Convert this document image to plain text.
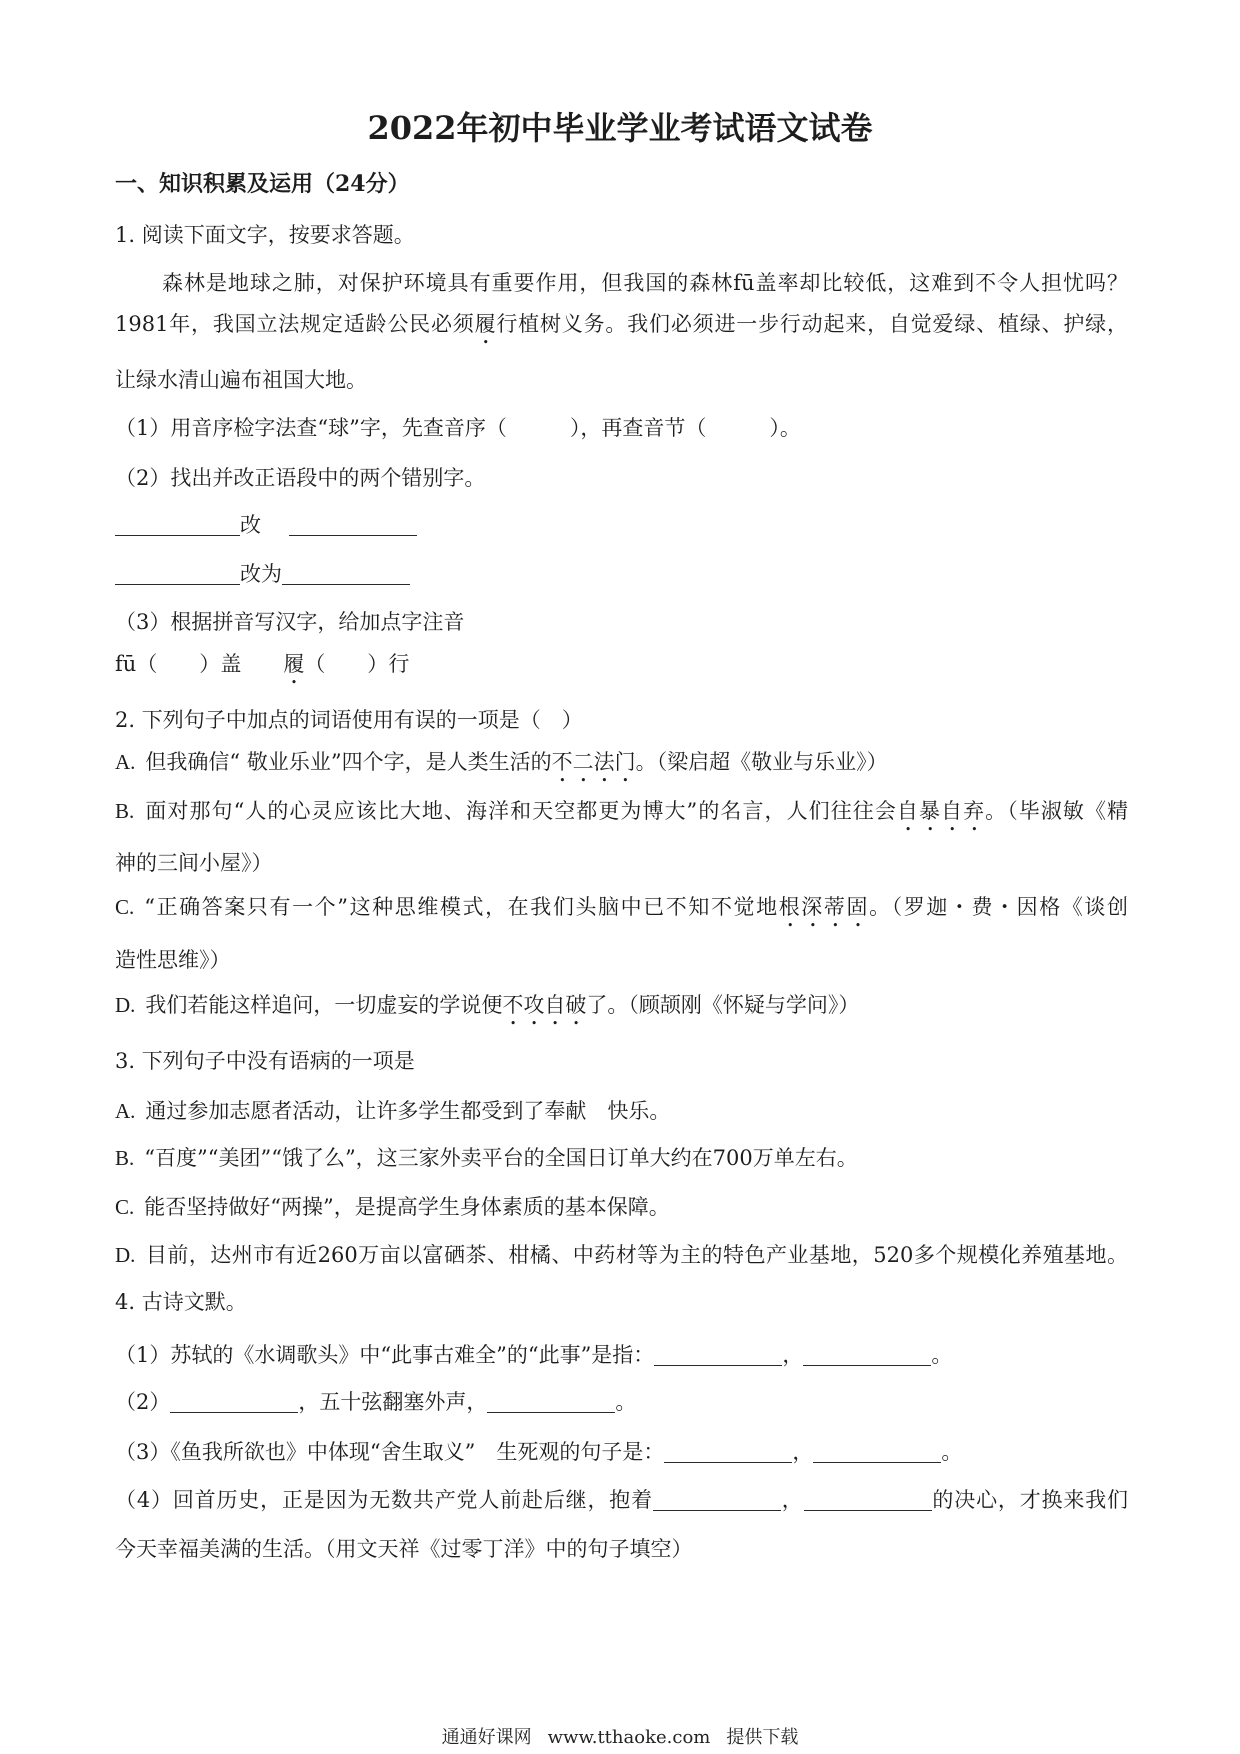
2022年初中毕业学业考试语文试卷
一、知识积累及运用（24分）
1. 阅读下面文字，按要求答题。
森林是地球之肺，对保护环境具有重要作用，但我国的森林fū盖率却比较低，这难到不令人担忧吗？
1981年，我国立法规定适龄公民必须履行植树义务。我们必须进一步行动起来，自觉爱绿、植绿、护绿，
让绿水清山遍布祖国大地。
（1）用音序检字法查“球”字，先查音序（　　　），再查音节（　　　）。
（2）找出并改正语段中的两个错别字。
改
改为
（3）根据拼音写汉字，给加点字注音
fū（　　）盖 履（　　）行
2. 下列句子中加点的词语使用有误的一项是（　）
A. 但我确信“ 敬业乐业”四个字，是人类生活的不二法门。（梁启超《敬业与乐业》）
B. 面对那句“人的心灵应该比大地、海洋和天空都更为博大”的名言，人们往往会自暴自弃。（毕淑敏《精
神的三间小屋》）
C. “正确答案只有一个”这种思维模式，在我们头脑中已不知不觉地根深蒂固。（罗迦・费・因格《谈创
造性思维》）
D. 我们若能这样追问，一切虚妄的学说便不攻自破了。（顾颉刚《怀疑与学问》）
3. 下列句子中没有语病的一项是
A. 通过参加志愿者活动，让许多学生都受到了奉献　快乐。
B. “百度”“美团”“饿了么”，这三家外卖平台的全国日订单大约在700万单左右。
C. 能否坚持做好“两操”，是提高学生身体素质的基本保障。
D. 目前，达州市有近260万亩以富硒茶、柑橘、中药材等为主的特色产业基地，520多个规模化养殖基地。
4. 古诗文默。
（1）苏轼的《水调歌头》中“此事古难全”的“此事”是指：	，	。
（2）	，五十弦翻塞外声，	。
（3）《鱼我所欲也》中体现“舍生取义”　生死观的句子是：	，	。
（4）回首历史，正是因为无数共产党人前赴后继，抱着	，	的决心，才换来我们
今天幸福美满的生活。（用文天祥《过零丁洋》中的句子填空）
通通好课网 www.tthaoke.com 提供下载
